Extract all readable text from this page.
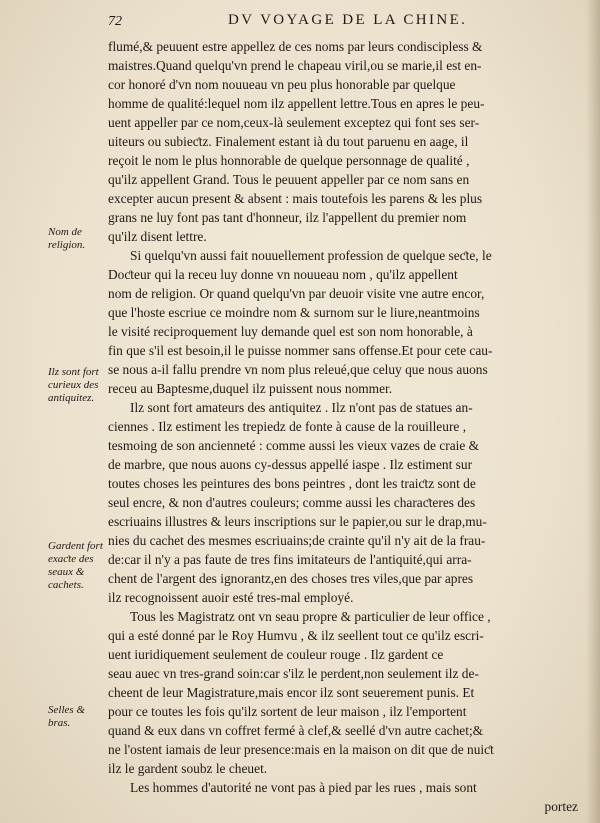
72	DV VOYAGE DE LA CHINE.
Nom de religion.
Ilz sont fort curieux des antiquitez.
Gardent fort exaƈte des seaux & cachets.
Selles & bras.
flumé,& peuuent estre appellez de ces noms par leurs condiscipless &
maistres.Quand quelqu'vn prend le chapeau viril,ou se marie,il est en-
cor honoré d'vn nom nouueau vn peu plus honorable par quelque
homme de qualité:lequel nom ilz appellent lettre.Tous en apres le peu-
uent appeller par ce nom,ceux-là seulement exceptez qui font ses ser-
uiteurs ou subieƈtz. Finalement estant ià du tout paruenu en aage, il
reçoit le nom le plus honnorable de quelque personnage de qualité ,
qu'ilz appellent Grand. Tous le peuuent appeller par ce nom sans en
excepter aucun present & absent : mais toutefois les parens & les plus
grans ne luy font pas tant d'honneur, ilz l'appellent du premier nom
qu'ilz disent lettre.
Si quelqu'vn aussi fait nouuellement profession de quelque seƈte, le
Doƈteur qui la receu luy donne vn nouueau nom , qu'ilz appellent
nom de religion. Or quand quelqu'vn par deuoir visite vne autre encor,
que l'hoste escriue ce moindre nom & surnom sur le liure,neantmoins
le visité reciproquement luy demande quel est son nom honorable, à
fin que s'il est besoin,il le puisse nommer sans offense.Et pour cete cau-
se nous a-il fallu prendre vn nom plus releué,que celuy que nous auons
receu au Baptesme,duquel ilz puissent nous nommer.
Ilz sont fort amateurs des antiquitez . Ilz n'ont pas de statues an-
ciennes . Ilz estiment les trepiedz de fonte à cause de la rouilleure ,
tesmoing de son ancienneté : comme aussi les vieux vazes de craie &
de marbre, que nous auons cy-dessus appellé iaspe . Ilz estiment sur
toutes choses les peintures des bons peintres , dont les traiƈtz sont de
seul encre, & non d'autres couleurs; comme aussi les charaƈteres des
escriuains illustres & leurs inscriptions sur le papier,ou sur le drap,mu-
nies du cachet des mesmes escriuains;de crainte qu'il n'y ait de la frau-
de:car il n'y a pas faute de tres fins imitateurs de l'antiquité,qui arra-
chent de l'argent des ignorantz,en des choses tres viles,que par apres
ilz recognoissent auoir esté tres-mal employé.
Tous les Magistratz ont vn seau propre & particulier de leur office ,
qui a esté donné par le Roy Humvu , & ilz seellent tout ce qu'ilz escri-
uent iuridiquement seulement de couleur rouge . Ilz gardent ce
seau auec vn tres-grand soin:car s'ilz le perdent,non seulement ilz de-
cheent de leur Magistrature,mais encor ilz sont seuerement punis. Et
pour ce toutes les fois qu'ilz sortent de leur maison , ilz l'emportent
quand & eux dans vn coffret fermé à clef,& seellé d'vn autre cachet;&
ne l'ostent iamais de leur presence:mais en la maison on dit que de nuiƈt
ilz le gardent soubz le cheuet.
Les hommes d'autorité ne vont pas à pied par les rues , mais sont
portez
